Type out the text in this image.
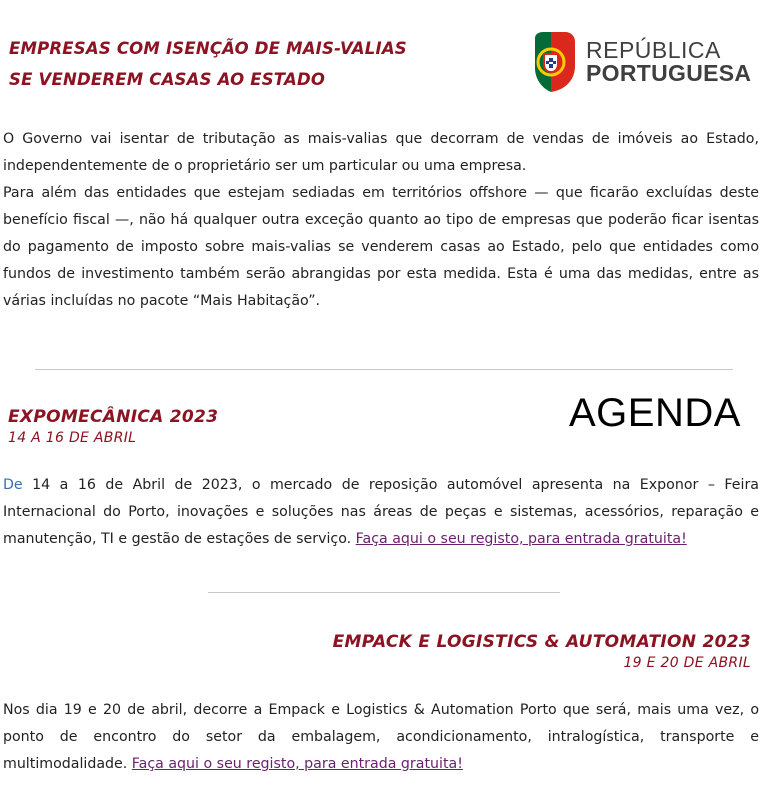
EMPRESAS COM ISENÇÃO DE MAIS-VALIAS
SE VENDEREM CASAS AO ESTADO
REPÚBLICA
PORTUGUESA

O Governo vai isentar de tributação as mais-valias que decorram de vendas de imóveis ao Estado, independentemente de o proprietário ser um particular ou uma empresa.

Para além das entidades que estejam sediadas em territórios offshore — que ficarão excluídas deste benefício fiscal —, não há qualquer outra exceção quanto ao tipo de empresas que poderão ficar isentas do pagamento de imposto sobre mais-valias se venderem casas ao Estado, pelo que entidades como fundos de investimento também serão abrangidas por esta medida. Esta é uma das medidas, entre as várias incluídas no pacote “Mais Habitação”.

EXPOMECÂNICA 2023
14 A 16 DE ABRIL
AGENDA

De 14 a 16 de Abril de 2023, o mercado de reposição automóvel apresenta na Exponor – Feira Internacional do Porto, inovações e soluções nas áreas de peças e sistemas, acessórios, reparação e manutenção, TI e gestão de estações de serviço. Faça aqui o seu registo, para entrada gratuita!

EMPACK E LOGISTICS & AUTOMATION 2023
19 E 20 DE ABRIL

Nos dia 19 e 20 de abril, decorre a Empack e Logistics & Automation Porto que será, mais uma vez, o ponto de encontro do setor da embalagem, acondicionamento, intralogística, transporte e multimodalidade. Faça aqui o seu registo, para entrada gratuita!
